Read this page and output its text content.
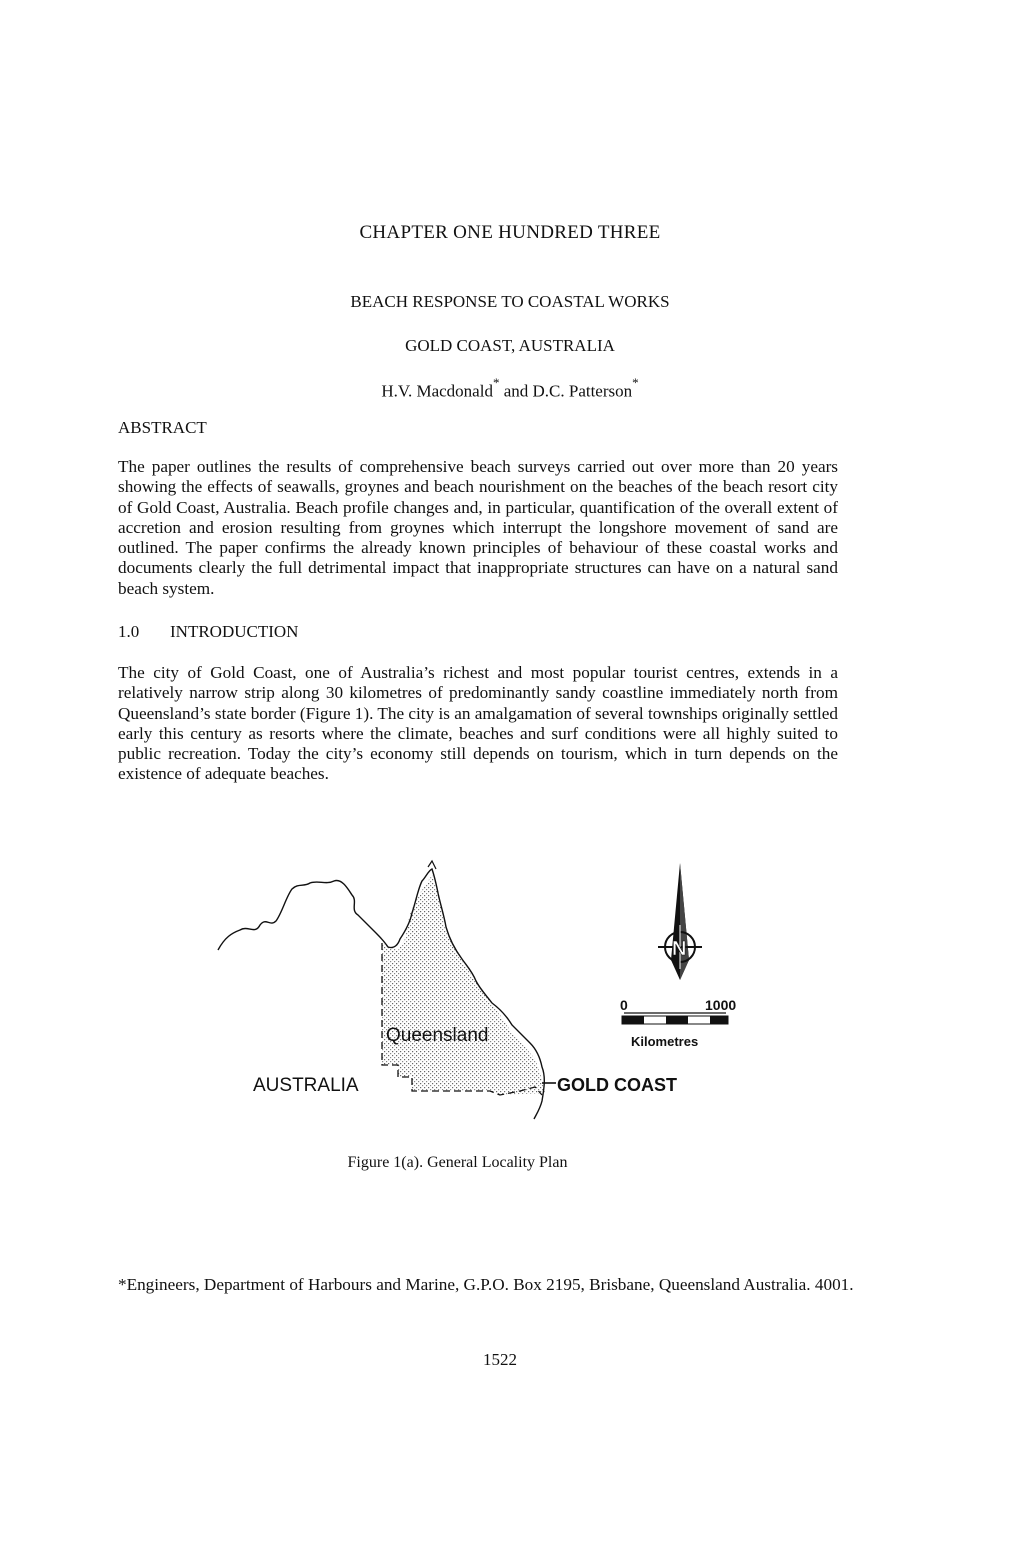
CHAPTER ONE HUNDRED THREE
BEACH RESPONSE TO COASTAL WORKS
GOLD COAST, AUSTRALIA
H.V. Macdonald* and D.C. Patterson*
ABSTRACT
The paper outlines the results of comprehensive beach surveys carried out over more than 20 years showing the effects of seawalls, groynes and beach nourishment on the beaches of the beach resort city of Gold Coast, Australia. Beach profile changes and, in particular, quantification of the overall extent of accretion and erosion resulting from groynes which interrupt the longshore movement of sand are outlined. The paper confirms the already known principles of behaviour of these coastal works and documents clearly the full detrimental impact that inappropriate structures can have on a natural sand beach system.
1.0 INTRODUCTION
The city of Gold Coast, one of Australia’s richest and most popular tourist centres, extends in a relatively narrow strip along 30 kilometres of predominantly sandy coastline immediately north from Queensland’s state border (Figure 1). The city is an amalgamation of several townships originally settled early this century as resorts where the climate, beaches and surf conditions were all highly suited to public recreation. Today the city’s economy still depends on tourism, which in turn depends on the existence of adequate beaches.
AUSTRALIA
Queensland
GOLD COAST
N
0	1000
Kilometres
Figure 1(a). General Locality Plan
*Engineers, Department of Harbours and Marine, G.P.O. Box 2195, Brisbane, Queensland Australia. 4001.
1522
